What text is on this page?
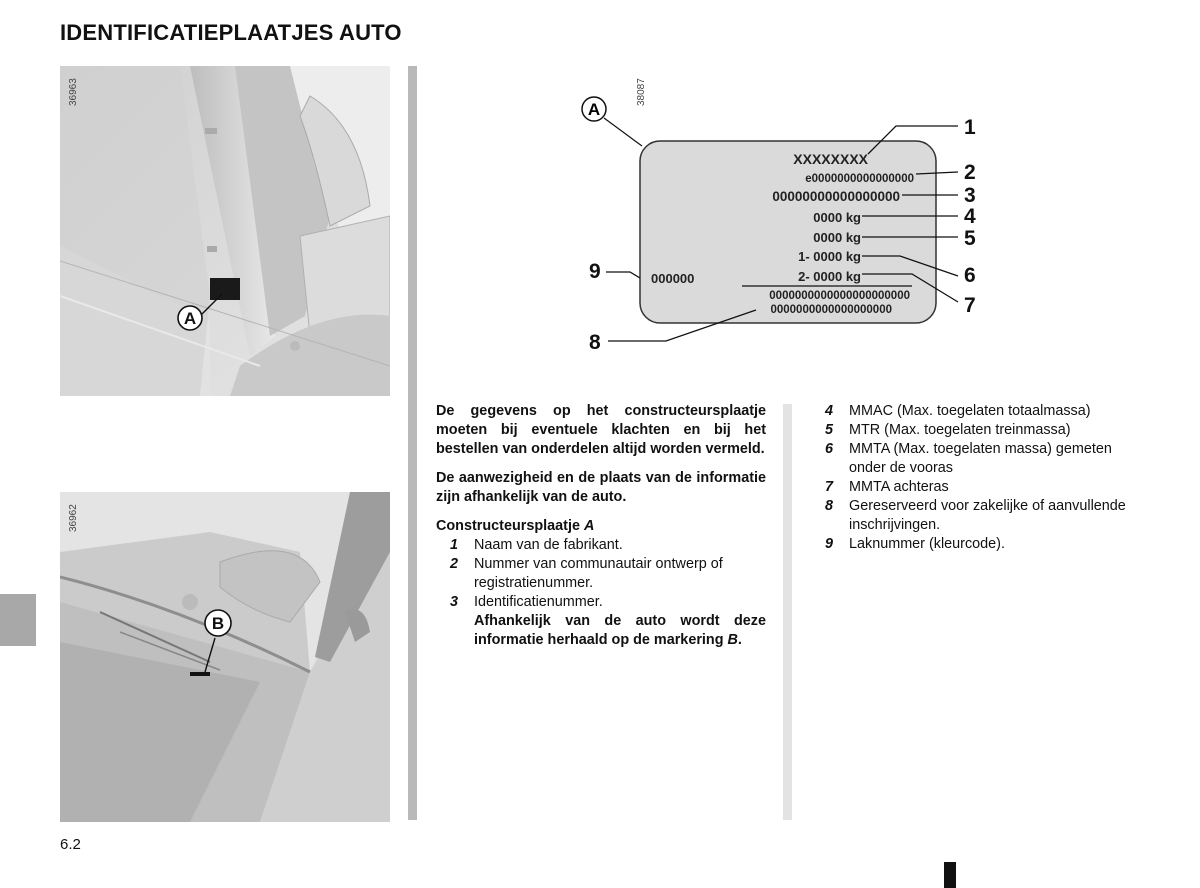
IDENTIFICATIEPLAATJES AUTO
A
36963
B
36962
38087
A
XXXXXXXX
e0000000000000000
00000000000000000
0000 kg
0000 kg
1- 0000 kg
2- 0000 kg
000000
0000000000000000000000
0000000000000000000
1
2
3
4
5
6
7
8
9

De gegevens op het constructeursplaatje moeten bij eventuele klachten en bij het bestellen van onderdelen altijd worden vermeld.

De aanwezigheid en de plaats van de informatie zijn afhankelijk van de auto.

Constructeursplaatje A

1 Naam van de fabrikant.
2 Nummer van communautair ontwerp of registratienummer.
3 Identificatienummer.
Afhankelijk van de auto wordt deze informatie herhaald op de markering B.
4 MMAC (Max. toegelaten totaalmassa)
5 MTR (Max. toegelaten treinmassa)
6 MMTA (Max. toegelaten massa) gemeten onder de vooras
7 MMTA achteras
8 Gereserveerd voor zakelijke of aanvullende inschrijvingen.
9 Laknummer (kleurcode).
6.2
